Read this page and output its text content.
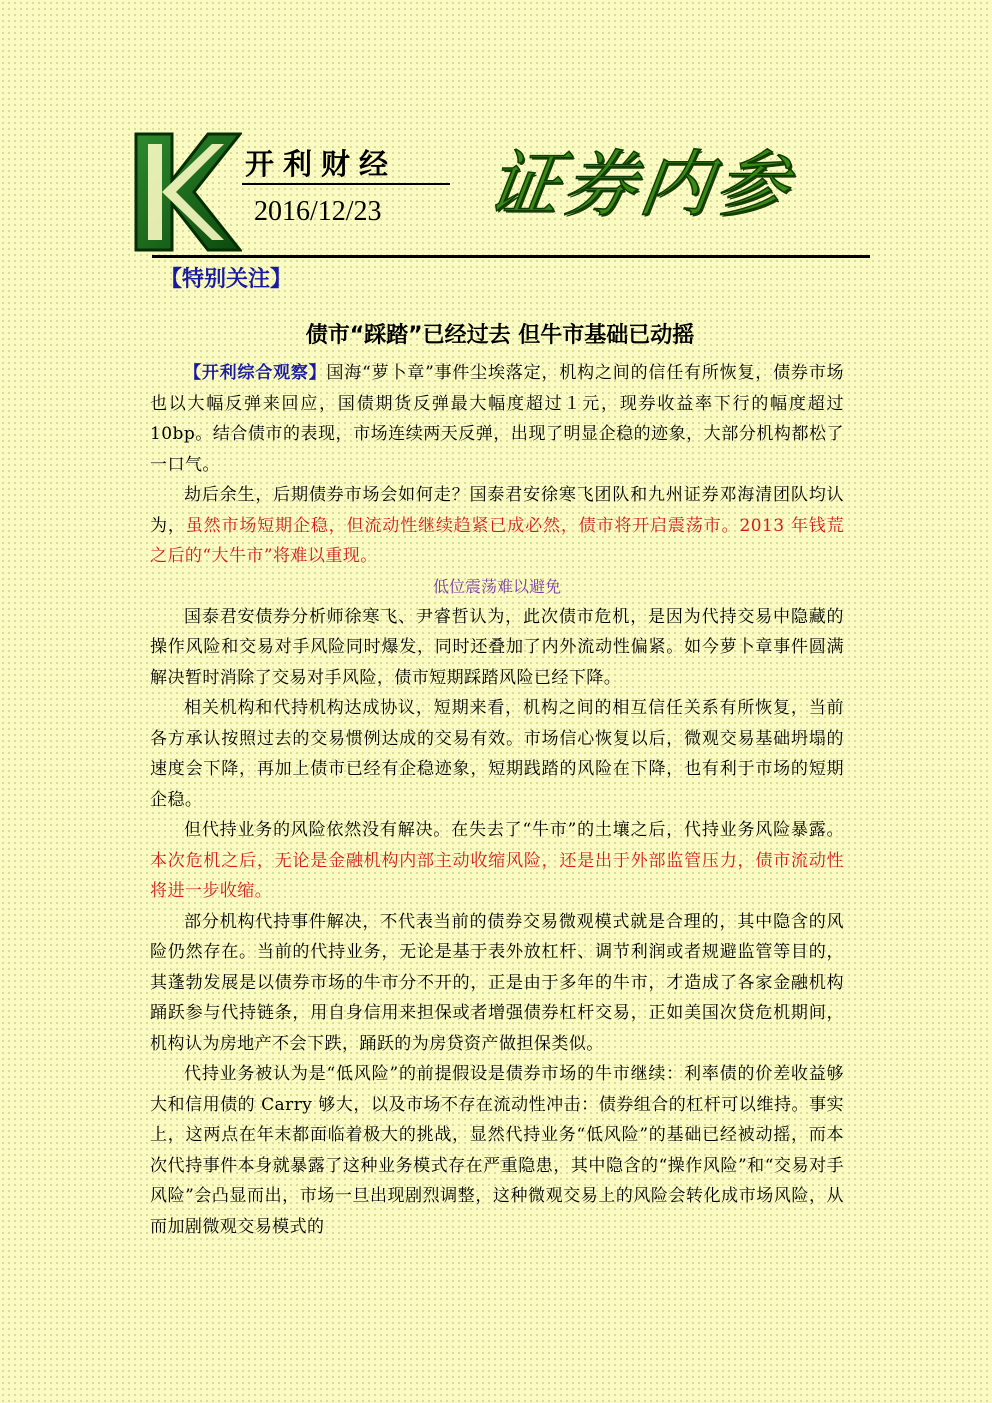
开利财经
2016/12/23 证券内参
【特别关注】
债市“踩踏”已经过去 但牛市基础已动摇

【开利综合观察】国海“萝卜章”事件尘埃落定，机构之间的信任有所恢复，债券市场也以大幅反弹来回应，国债期货反弹最大幅度超过１元，现券收益率下行的幅度超过 10bp。结合债市的表现，市场连续两天反弹，出现了明显企稳的迹象，大部分机构都松了一口气。

劫后余生，后期债券市场会如何走？国泰君安徐寒飞团队和九州证券邓海清团队均认为，虽然市场短期企稳，但流动性继续趋紧已成必然，债市将开启震荡市。2013 年钱荒之后的“大牛市”将难以重现。

低位震荡难以避免

国泰君安债券分析师徐寒飞、尹睿哲认为，此次债市危机，是因为代持交易中隐藏的操作风险和交易对手风险同时爆发，同时还叠加了内外流动性偏紧。如今萝卜章事件圆满解决暂时消除了交易对手风险，债市短期踩踏风险已经下降。

相关机构和代持机构达成协议，短期来看，机构之间的相互信任关系有所恢复，当前各方承认按照过去的交易惯例达成的交易有效。市场信心恢复以后，微观交易基础坍塌的速度会下降，再加上债市已经有企稳迹象，短期践踏的风险在下降，也有利于市场的短期企稳。

但代持业务的风险依然没有解决。在失去了“牛市”的土壤之后，代持业务风险暴露。本次危机之后，无论是金融机构内部主动收缩风险，还是出于外部监管压力，债市流动性将进一步收缩。

部分机构代持事件解决，不代表当前的债券交易微观模式就是合理的，其中隐含的风险仍然存在。当前的代持业务，无论是基于表外放杠杆、调节利润或者规避监管等目的，其蓬勃发展是以债券市场的牛市分不开的，正是由于多年的牛市，才造成了各家金融机构踊跃参与代持链条，用自身信用来担保或者增强债券杠杆交易，正如美国次贷危机期间，机构认为房地产不会下跌，踊跃的为房贷资产做担保类似。

代持业务被认为是“低风险”的前提假设是债券市场的牛市继续：利率债的价差收益够大和信用债的 Carry 够大，以及市场不存在流动性冲击：债券组合的杠杆可以维持。事实上，这两点在年末都面临着极大的挑战，显然代持业务“低风险”的基础已经被动摇，而本次代持事件本身就暴露了这种业务模式存在严重隐患，其中隐含的“操作风险”和“交易对手风险”会凸显而出，市场一旦出现剧烈调整，这种微观交易上的风险会转化成市场风险，从而加剧微观交易模式的
